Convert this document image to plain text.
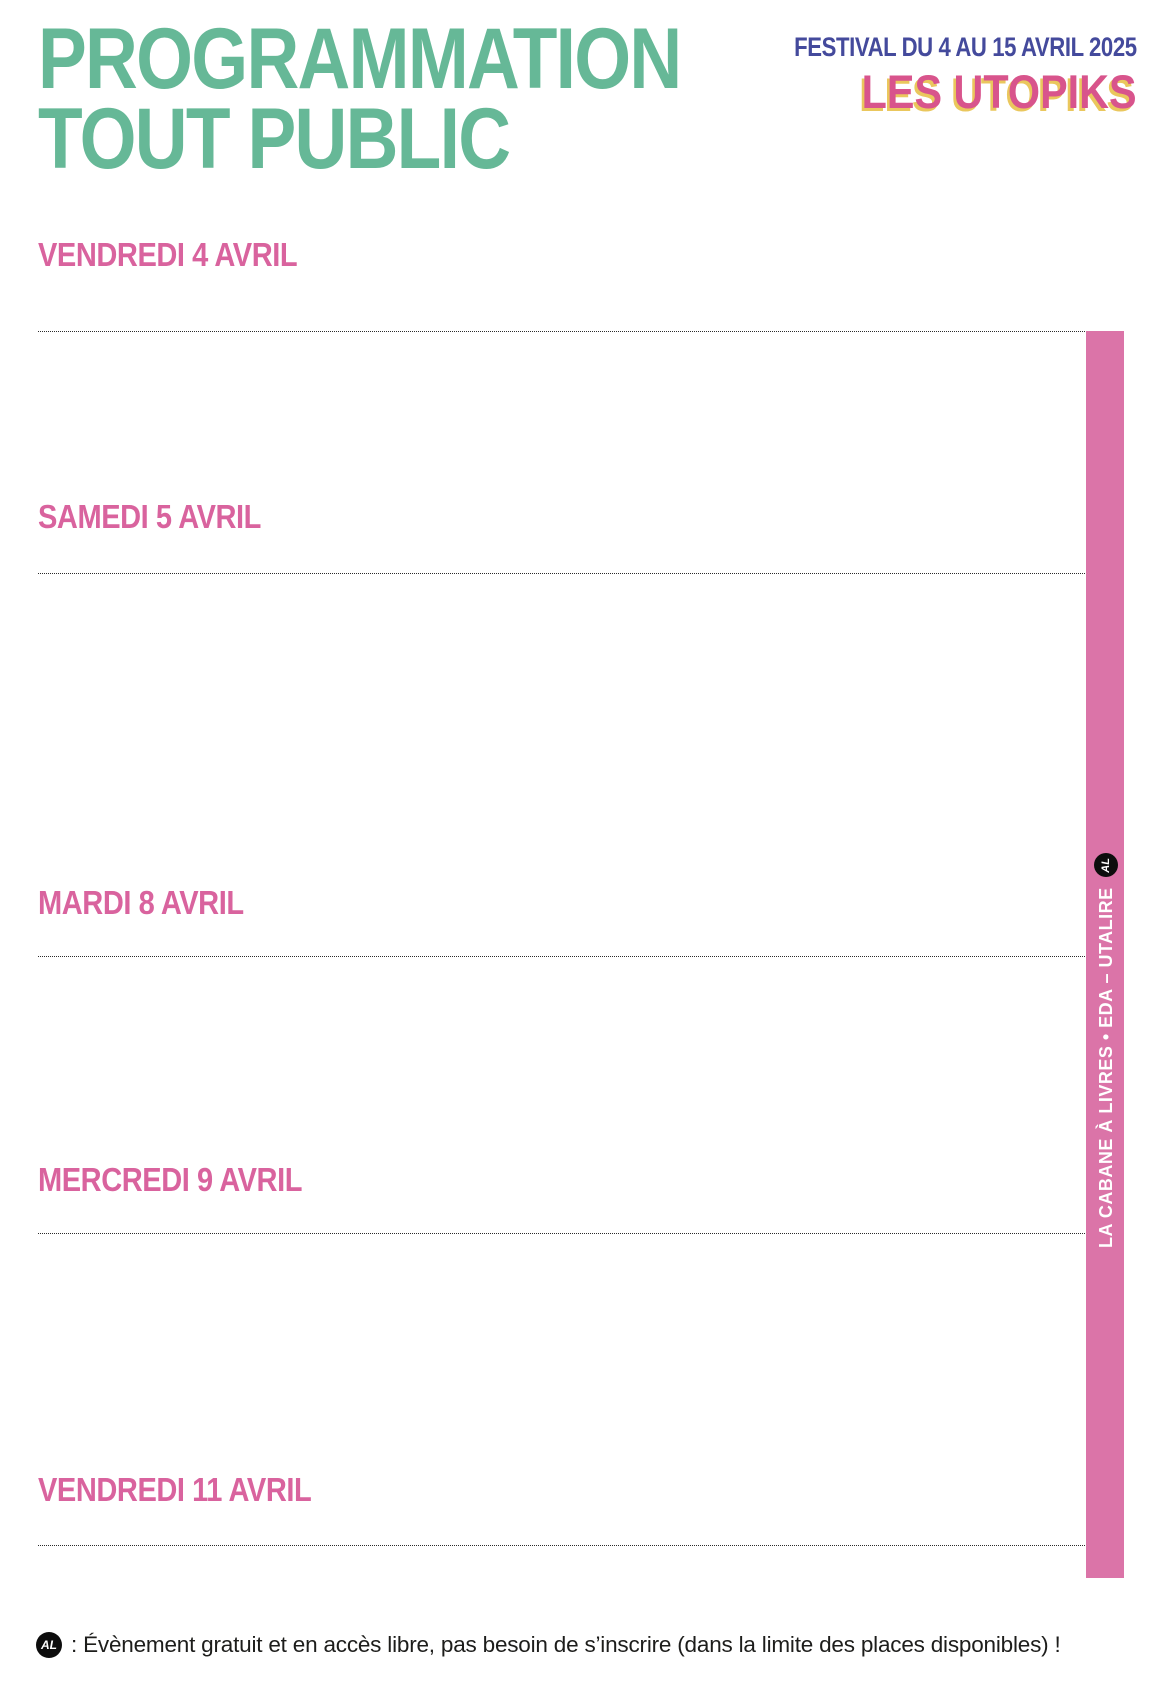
PROGRAMMATION
TOUT PUBLIC
FESTIVAL DU 4 AU 15 AVRIL 2025
LES UTOPIKS
VENDREDI 4 AVRIL
SAMEDI 5 AVRIL
MARDI 8 AVRIL
MERCREDI 9 AVRIL
VENDREDI 11 AVRIL
LA CABANE À LIVRES • EDA – UTALIRE
AL
AL : Évènement gratuit et en accès libre, pas besoin de s’inscrire (dans la limite des places disponibles) !
